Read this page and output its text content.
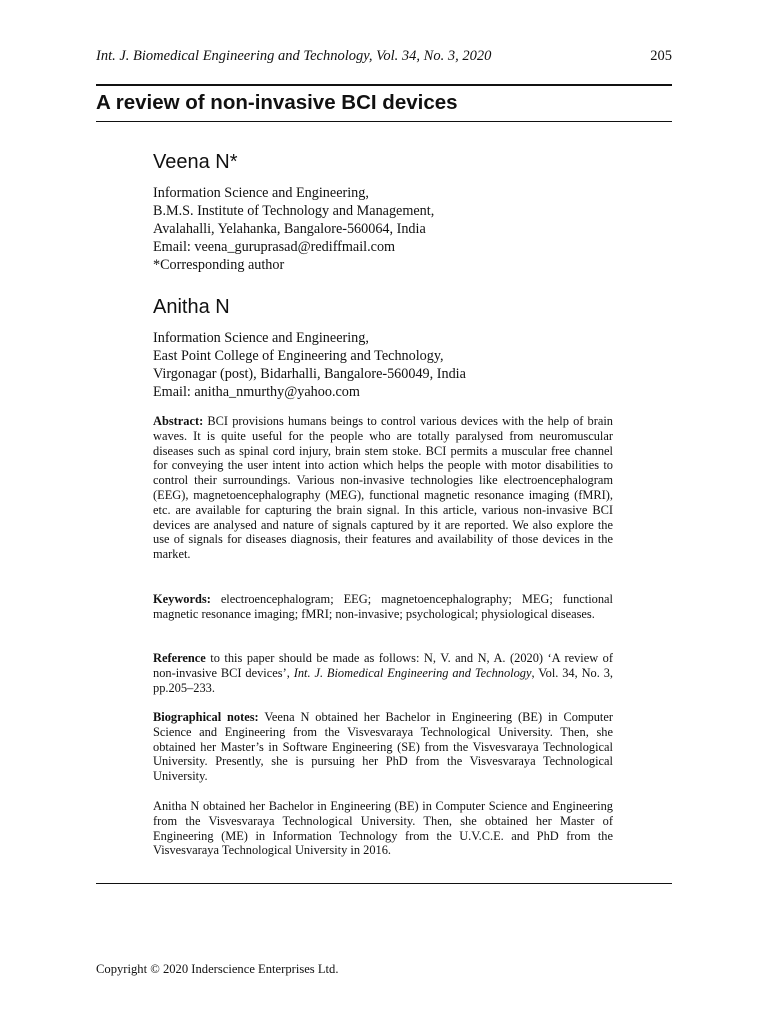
Int. J. Biomedical Engineering and Technology, Vol. 34, No. 3, 2020	205
A review of non-invasive BCI devices
Veena N*
Information Science and Engineering,
B.M.S. Institute of Technology and Management,
Avalahalli, Yelahanka, Bangalore-560064, India
Email: veena_guruprasad@rediffmail.com
*Corresponding author
Anitha N
Information Science and Engineering,
East Point College of Engineering and Technology,
Virgonagar (post), Bidarhalli, Bangalore-560049, India
Email: anitha_nmurthy@yahoo.com
Abstract: BCI provisions humans beings to control various devices with the help of brain waves. It is quite useful for the people who are totally paralysed from neuromuscular diseases such as spinal cord injury, brain stem stoke. BCI permits a muscular free channel for conveying the user intent into action which helps the people with motor disabilities to control their surroundings. Various non-invasive technologies like electroencephalogram (EEG), magnetoencephalography (MEG), functional magnetic resonance imaging (fMRI), etc. are available for capturing the brain signal. In this article, various non-invasive BCI devices are analysed and nature of signals captured by it are reported. We also explore the use of signals for diseases diagnosis, their features and availability of those devices in the market.
Keywords: electroencephalogram; EEG; magnetoencephalography; MEG; functional magnetic resonance imaging; fMRI; non-invasive; psychological; physiological diseases.
Reference to this paper should be made as follows: N, V. and N, A. (2020) ‘A review of non-invasive BCI devices’, Int. J. Biomedical Engineering and Technology, Vol. 34, No. 3, pp.205–233.
Biographical notes: Veena N obtained her Bachelor in Engineering (BE) in Computer Science and Engineering from the Visvesvaraya Technological University. Then, she obtained her Master’s in Software Engineering (SE) from the Visvesvaraya Technological University. Presently, she is pursuing her PhD from the Visvesvaraya Technological University.
Anitha N obtained her Bachelor in Engineering (BE) in Computer Science and Engineering from the Visvesvaraya Technological University. Then, she obtained her Master of Engineering (ME) in Information Technology from the U.V.C.E. and PhD from the Visvesvaraya Technological University in 2016.
Copyright © 2020 Inderscience Enterprises Ltd.
